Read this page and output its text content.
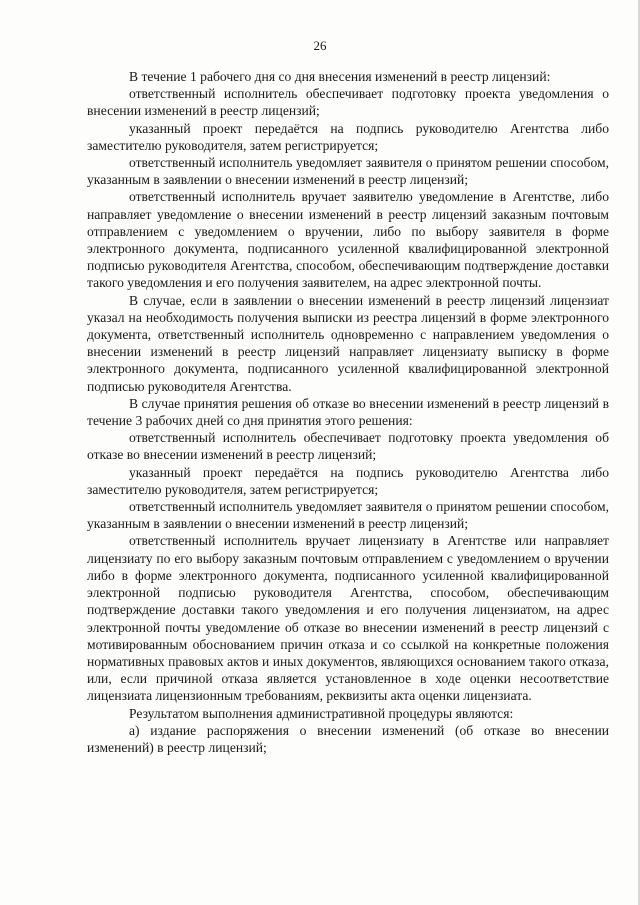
26

В течение 1 рабочего дня со дня внесения изменений в реестр лицензий:

ответственный исполнитель обеспечивает подготовку проекта уведомления о внесении изменений в реестр лицензий;

указанный проект передаётся на подпись руководителю Агентства либо заместителю руководителя, затем регистрируется;

ответственный исполнитель уведомляет заявителя о принятом решении способом, указанным в заявлении о внесении изменений в реестр лицензий;

ответственный исполнитель вручает заявителю уведомление в Агентстве, либо направляет уведомление о внесении изменений в реестр лицензий заказным почтовым отправлением с уведомлением о вручении, либо по выбору заявителя в форме электронного документа, подписанного усиленной квалифицированной электронной подписью руководителя Агентства, способом, обеспечивающим подтверждение доставки такого уведомления и его получения заявителем, на адрес электронной почты.

В случае, если в заявлении о внесении изменений в реестр лицензий лицензиат указал на необходимость получения выписки из реестра лицензий в форме электронного документа, ответственный исполнитель одновременно с направлением уведомления о внесении изменений в реестр лицензий направляет лицензиату выписку в форме электронного документа, подписанного усиленной квалифицированной электронной подписью руководителя Агентства.

В случае принятия решения об отказе во внесении изменений в реестр лицензий в течение 3 рабочих дней со дня принятия этого решения:

ответственный исполнитель обеспечивает подготовку проекта уведомления об отказе во внесении изменений в реестр лицензий;

указанный проект передаётся на подпись руководителю Агентства либо заместителю руководителя, затем регистрируется;

ответственный исполнитель уведомляет заявителя о принятом решении способом, указанным в заявлении о внесении изменений в реестр лицензий;

ответственный исполнитель вручает лицензиату в Агентстве или направляет лицензиату по его выбору заказным почтовым отправлением с уведомлением о вручении либо в форме электронного документа, подписанного усиленной квалифицированной электронной подписью руководителя Агентства, способом, обеспечивающим подтверждение доставки такого уведомления и его получения лицензиатом, на адрес электронной почты уведомление об отказе во внесении изменений в реестр лицензий с мотивированным обоснованием причин отказа и со ссылкой на конкретные положения нормативных правовых актов и иных документов, являющихся основанием такого отказа, или, если причиной отказа является установленное в ходе оценки несоответствие лицензиата лицензионным требованиям, реквизиты акта оценки лицензиата.

Результатом выполнения административной процедуры являются:

а) издание распоряжения о внесении изменений (об отказе во внесении изменений) в реестр лицензий;
